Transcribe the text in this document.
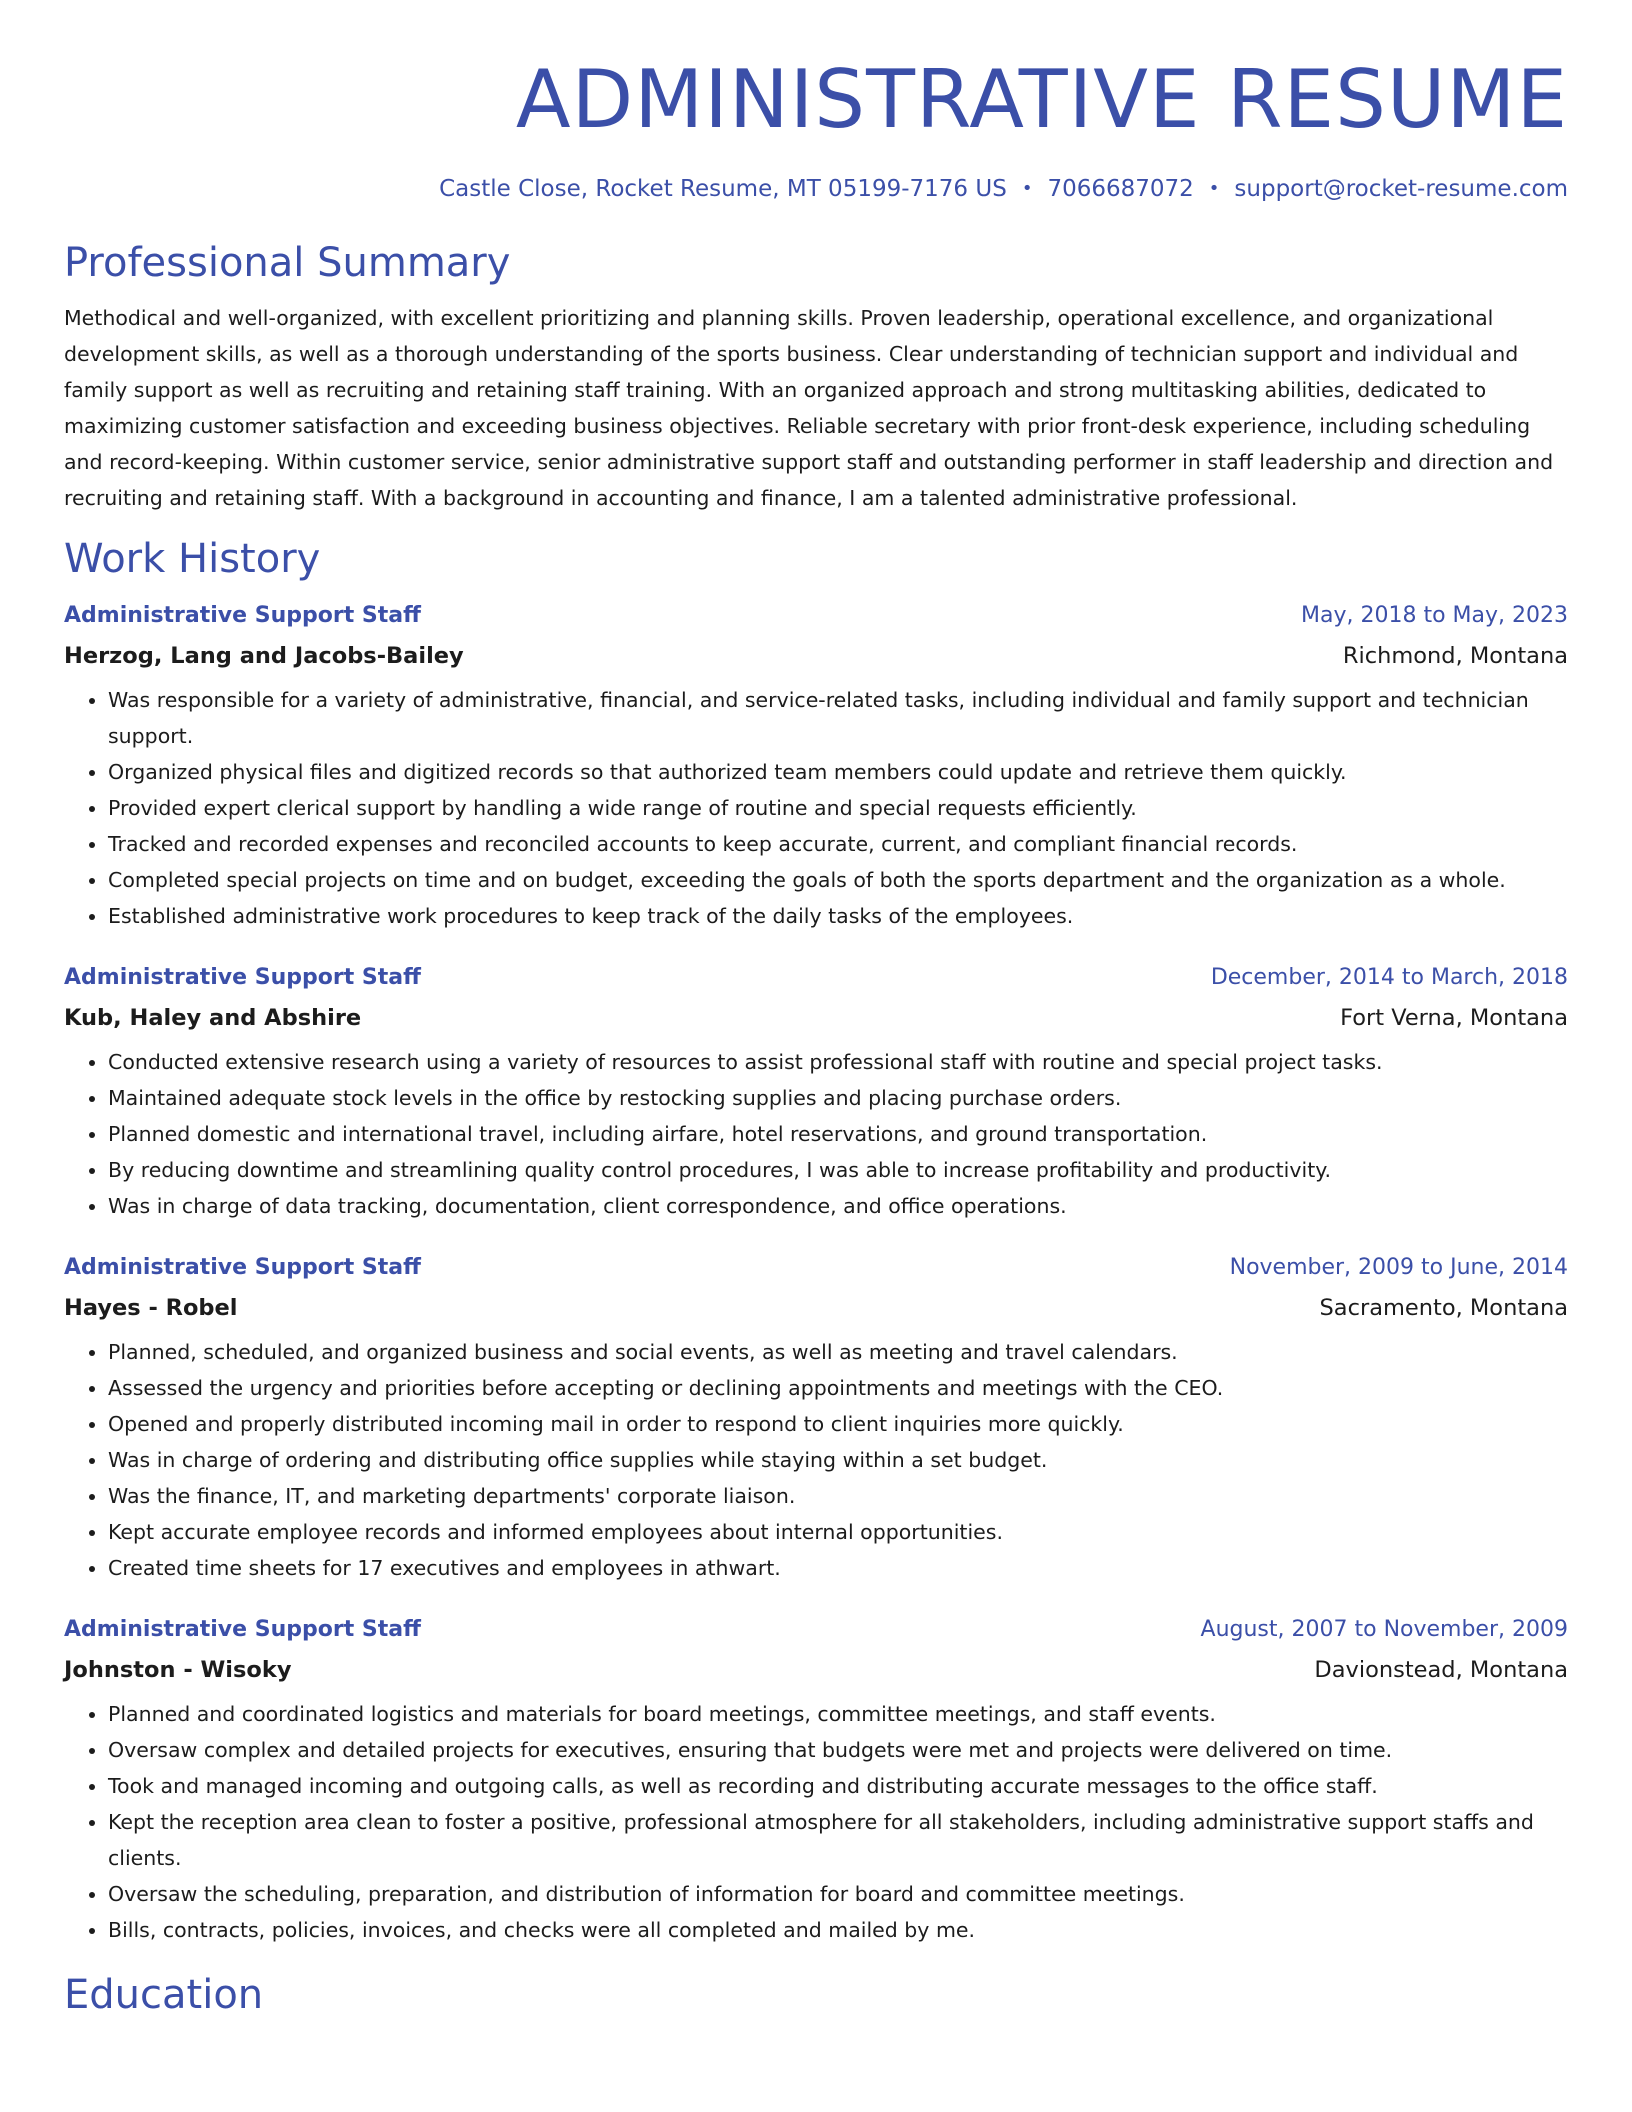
ADMINISTRATIVE RESUME
Castle Close, Rocket Resume, MT 05199-7176 US • 7066687072 • support@rocket-resume.com
Professional Summary

Methodical and well-organized, with excellent prioritizing and planning skills. Proven leadership, operational excellence, and organizational development skills, as well as a thorough understanding of the sports business. Clear understanding of technician support and individual and family support as well as recruiting and retaining staff training. With an organized approach and strong multitasking abilities, dedicated to maximizing customer satisfaction and exceeding business objectives. Reliable secretary with prior front-desk experience, including scheduling and record-keeping. Within customer service, senior administrative support staff and outstanding performer in staff leadership and direction and recruiting and retaining staff. With a background in accounting and finance, I am a talented administrative professional.

Work History
Administrative Support Staff	May, 2018 to May, 2023
Herzog, Lang and Jacobs-Bailey	Richmond, Montana
• Was responsible for a variety of administrative, financial, and service-related tasks, including individual and family support and technician support.
• Organized physical files and digitized records so that authorized team members could update and retrieve them quickly.
• Provided expert clerical support by handling a wide range of routine and special requests efficiently.
• Tracked and recorded expenses and reconciled accounts to keep accurate, current, and compliant financial records.
• Completed special projects on time and on budget, exceeding the goals of both the sports department and the organization as a whole.
• Established administrative work procedures to keep track of the daily tasks of the employees.
Administrative Support Staff	December, 2014 to March, 2018
Kub, Haley and Abshire	Fort Verna, Montana
• Conducted extensive research using a variety of resources to assist professional staff with routine and special project tasks.
• Maintained adequate stock levels in the office by restocking supplies and placing purchase orders.
• Planned domestic and international travel, including airfare, hotel reservations, and ground transportation.
• By reducing downtime and streamlining quality control procedures, I was able to increase profitability and productivity.
• Was in charge of data tracking, documentation, client correspondence, and office operations.
Administrative Support Staff	November, 2009 to June, 2014
Hayes - Robel	Sacramento, Montana
• Planned, scheduled, and organized business and social events, as well as meeting and travel calendars.
• Assessed the urgency and priorities before accepting or declining appointments and meetings with the CEO.
• Opened and properly distributed incoming mail in order to respond to client inquiries more quickly.
• Was in charge of ordering and distributing office supplies while staying within a set budget.
• Was the finance, IT, and marketing departments' corporate liaison.
• Kept accurate employee records and informed employees about internal opportunities.
• Created time sheets for 17 executives and employees in athwart.
Administrative Support Staff	August, 2007 to November, 2009
Johnston - Wisoky	Davionstead, Montana
• Planned and coordinated logistics and materials for board meetings, committee meetings, and staff events.
• Oversaw complex and detailed projects for executives, ensuring that budgets were met and projects were delivered on time.
• Took and managed incoming and outgoing calls, as well as recording and distributing accurate messages to the office staff.
• Kept the reception area clean to foster a positive, professional atmosphere for all stakeholders, including administrative support staffs and clients.
• Oversaw the scheduling, preparation, and distribution of information for board and committee meetings.
• Bills, contracts, policies, invoices, and checks were all completed and mailed by me.
Education
